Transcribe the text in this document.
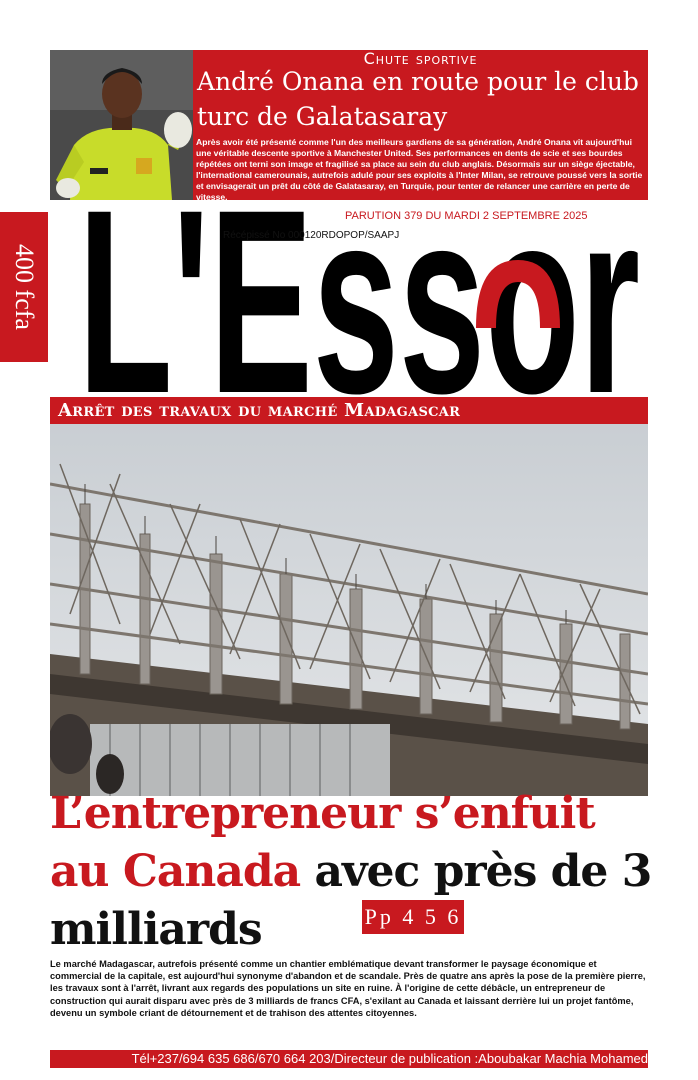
Chute sportive
André Onana en route pour le club turc de Galatasaray
Après avoir été présenté comme l'un des meilleurs gardiens de sa génération, André Onana vit aujourd'hui une véritable descente sportive à Manchester United. Ses performances en dents de scie et ses bourdes répétées ont terni son image et fragilisé sa place au sein du club anglais. Désormais sur un siège éjectable, l'international camerounais, autrefois adulé pour ses exploits à l'Inter Milan, se retrouve poussé vers la sortie et envisagerait un prêt du côté de Galatasaray, en Turquie, pour tenter de relancer une carrière en perte de vitesse.
400 fcfa L'Essor
PARUTION 379 DU MARDI 2 SEPTEMBRE 2025
Récépissé No 000120RDOPOP/SAAPJ
Arrêt des travaux du marché Madagascar
L’entrepreneur s’enfuit au Canada avec près de 3 milliards	Pp 4 5 6
Le marché Madagascar, autrefois présenté comme un chantier emblématique devant transformer le paysage économique et commercial de la capitale, est aujourd'hui synonyme d'abandon et de scandale. Près de quatre ans après la pose de la première pierre, les travaux sont à l'arrêt, livrant aux regards des populations un site en ruine. À l'origine de cette débâcle, un entrepreneur de construction qui aurait disparu avec près de 3 milliards de francs CFA, s'exilant au Canada et laissant derrière lui un projet fantôme, devenu un symbole criant de détournement et de trahison des attentes citoyennes.
Tél+237/694 635 686/670 664 203/Directeur de publication :Aboubakar Machia Mohamed
